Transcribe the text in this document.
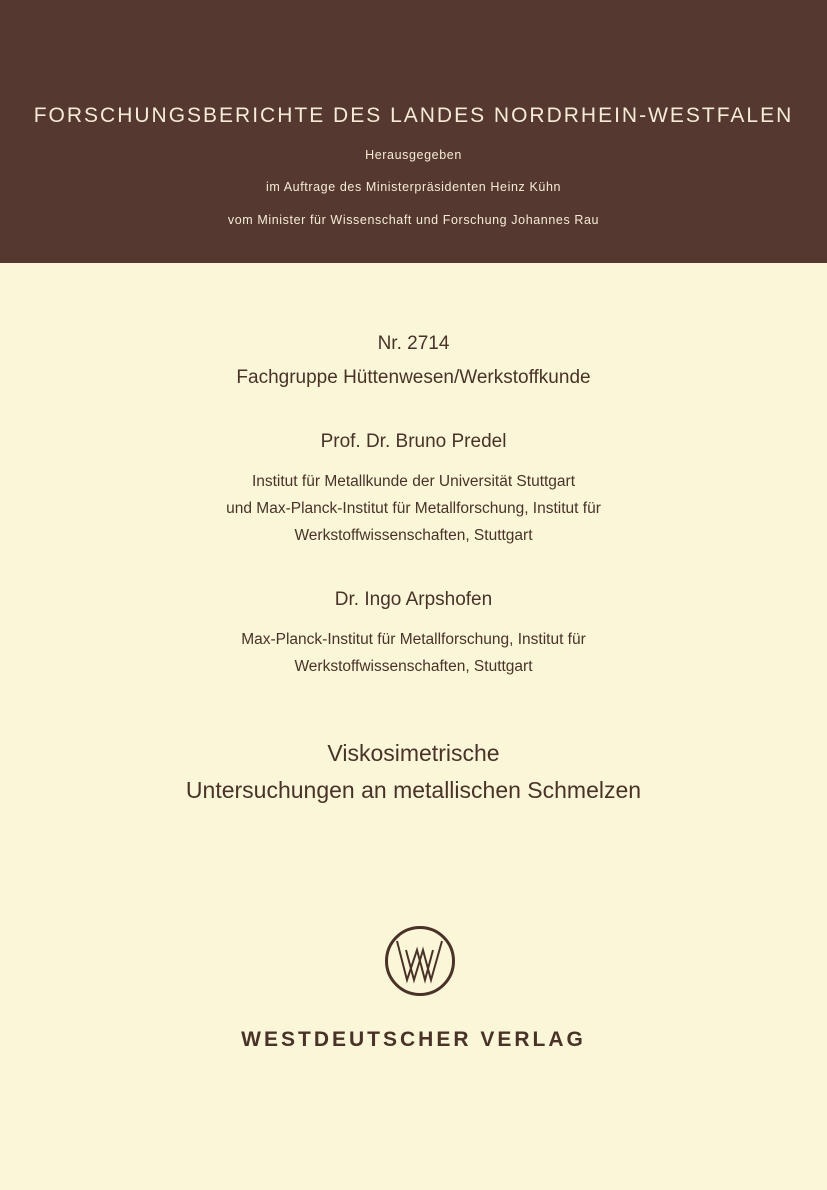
FORSCHUNGSBERICHTE DES LANDES NORDRHEIN-WESTFALEN
Herausgegeben
im Auftrage des Ministerpräsidenten Heinz Kühn
vom Minister für Wissenschaft und Forschung Johannes Rau
Nr. 2714
Fachgruppe Hüttenwesen/Werkstoffkunde
Prof. Dr. Bruno Predel
Institut für Metallkunde der Universität Stuttgart
und Max-Planck-Institut für Metallforschung, Institut für
Werkstoffwissenschaften, Stuttgart
Dr. Ingo Arpshofen
Max-Planck-Institut für Metallforschung, Institut für
Werkstoffwissenschaften, Stuttgart
Viskosimetrische
Untersuchungen an metallischen Schmelzen
WESTDEUTSCHER VERLAG
